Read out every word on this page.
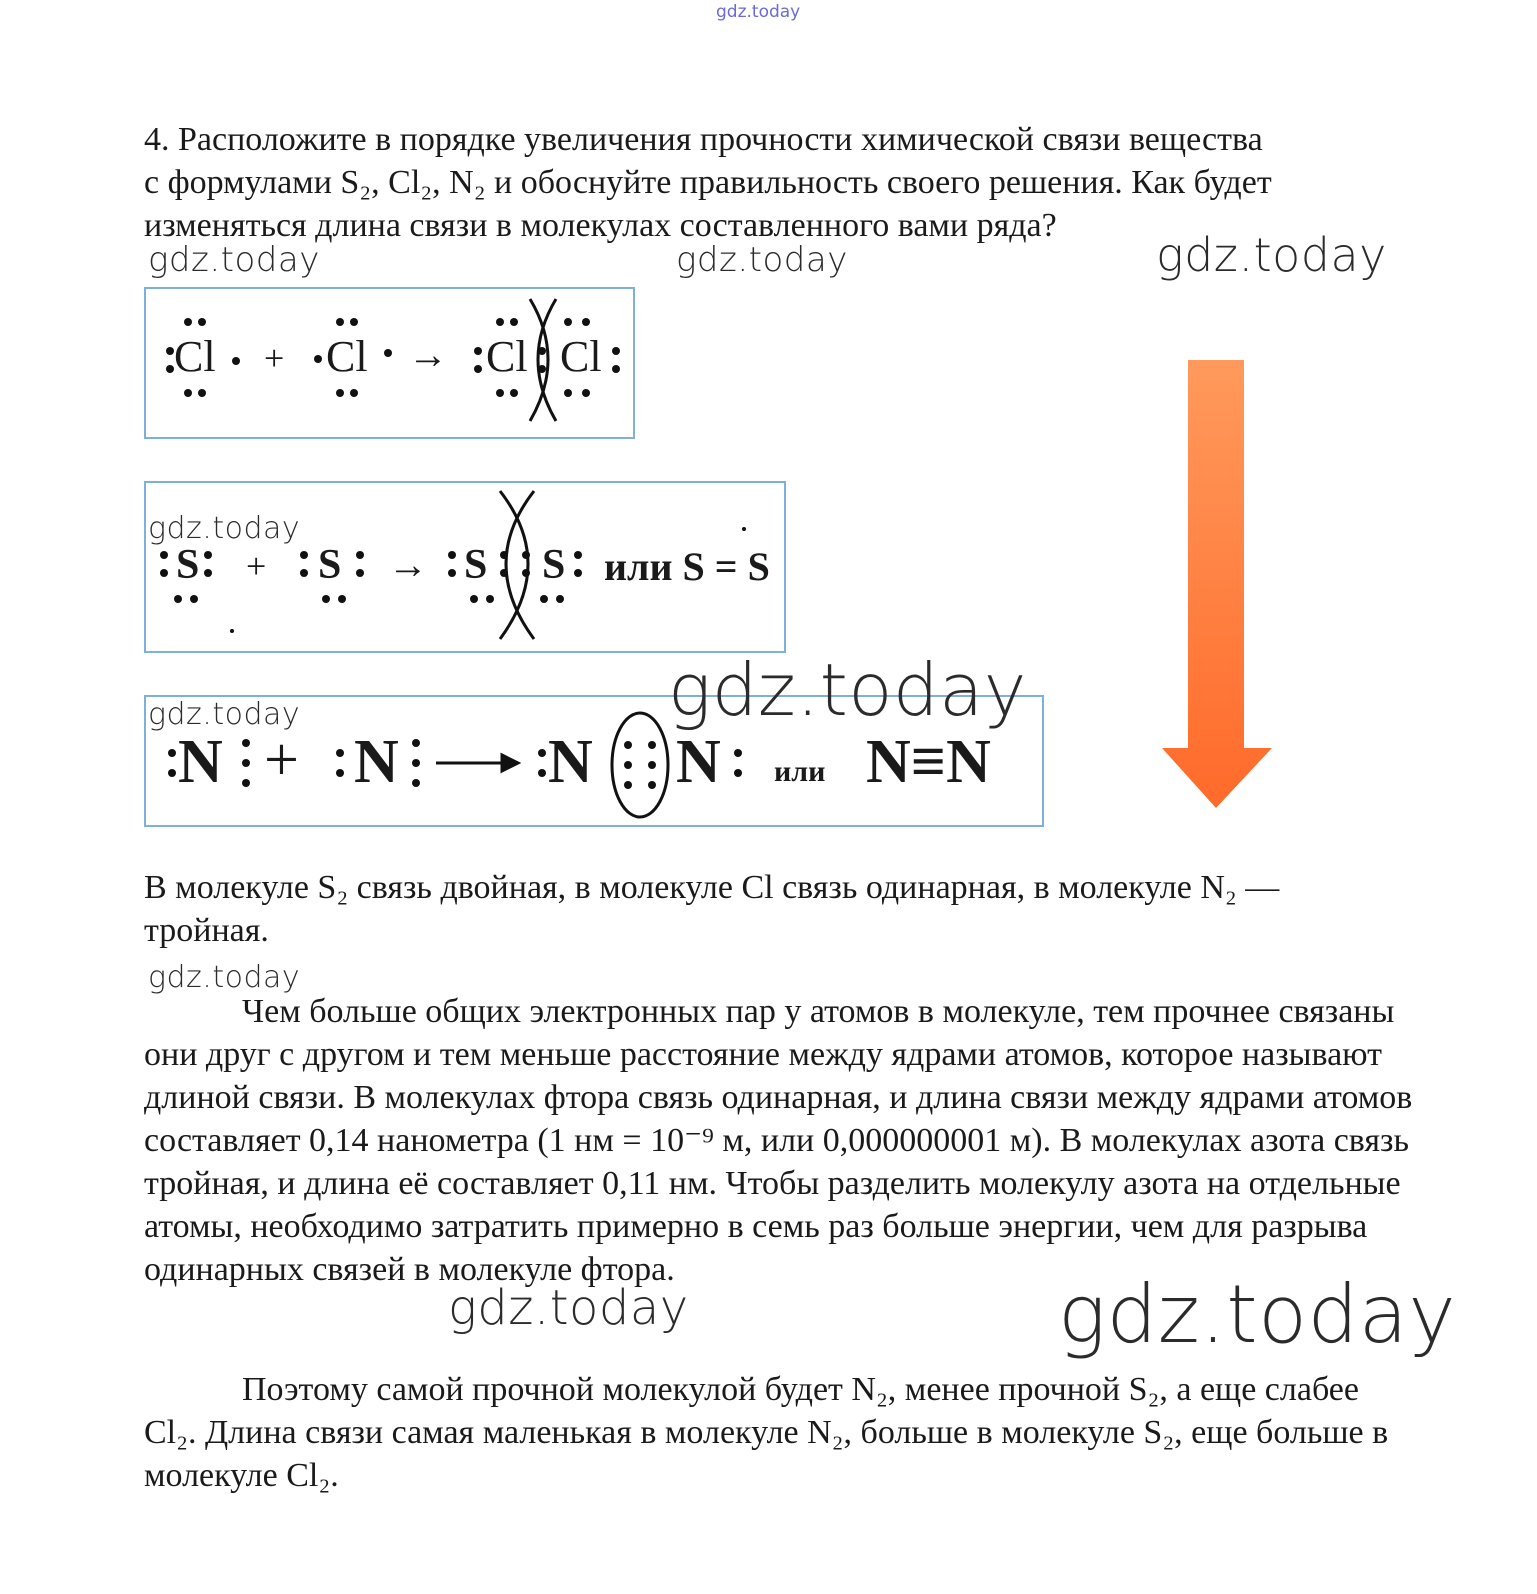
gdz.today
4. Расположите в порядке увеличения прочности химической связи вещества
с формулами S₂, Cl₂, N₂ и обоснуйте правильность своего решения. Как будет
изменяться длина связи в молекулах составленного вами ряда?
gdz.today	gdz.today	gdz.today
Cl + Cl → Cl Cl
gdz.today
S + S → S S или S = S
gdz.today
N + N N N или N≡N
gdz.today
В молекуле S₂ связь двойная, в молекуле Cl связь одинарная, в молекуле N₂ —
тройная.
gdz.today
Чем больше общих электронных пар у атомов в молекуле, тем прочнее связаны они друг с другом и тем меньше расстояние между ядрами атомов, которое называют длиной связи. В молекулах фтора связь одинарная, и длина связи между ядрами атомов составляет 0,14 нанометра (1 нм = 10⁻⁹ м, или 0,000000001 м). В молекулах азота связь тройная, и длина её составляет 0,11 нм. Чтобы разделить молекулу азота на отдельные атомы, необходимо затратить примерно в семь раз больше энергии, чем для разрыва одинарных связей в молекуле фтора.
gdz.today	gdz.today
Поэтому самой прочной молекулой будет N₂, менее прочной S₂, а еще слабее Cl₂. Длина связи самая маленькая в молекуле N₂, больше в молекуле S₂, еще больше в молекуле Cl₂.
